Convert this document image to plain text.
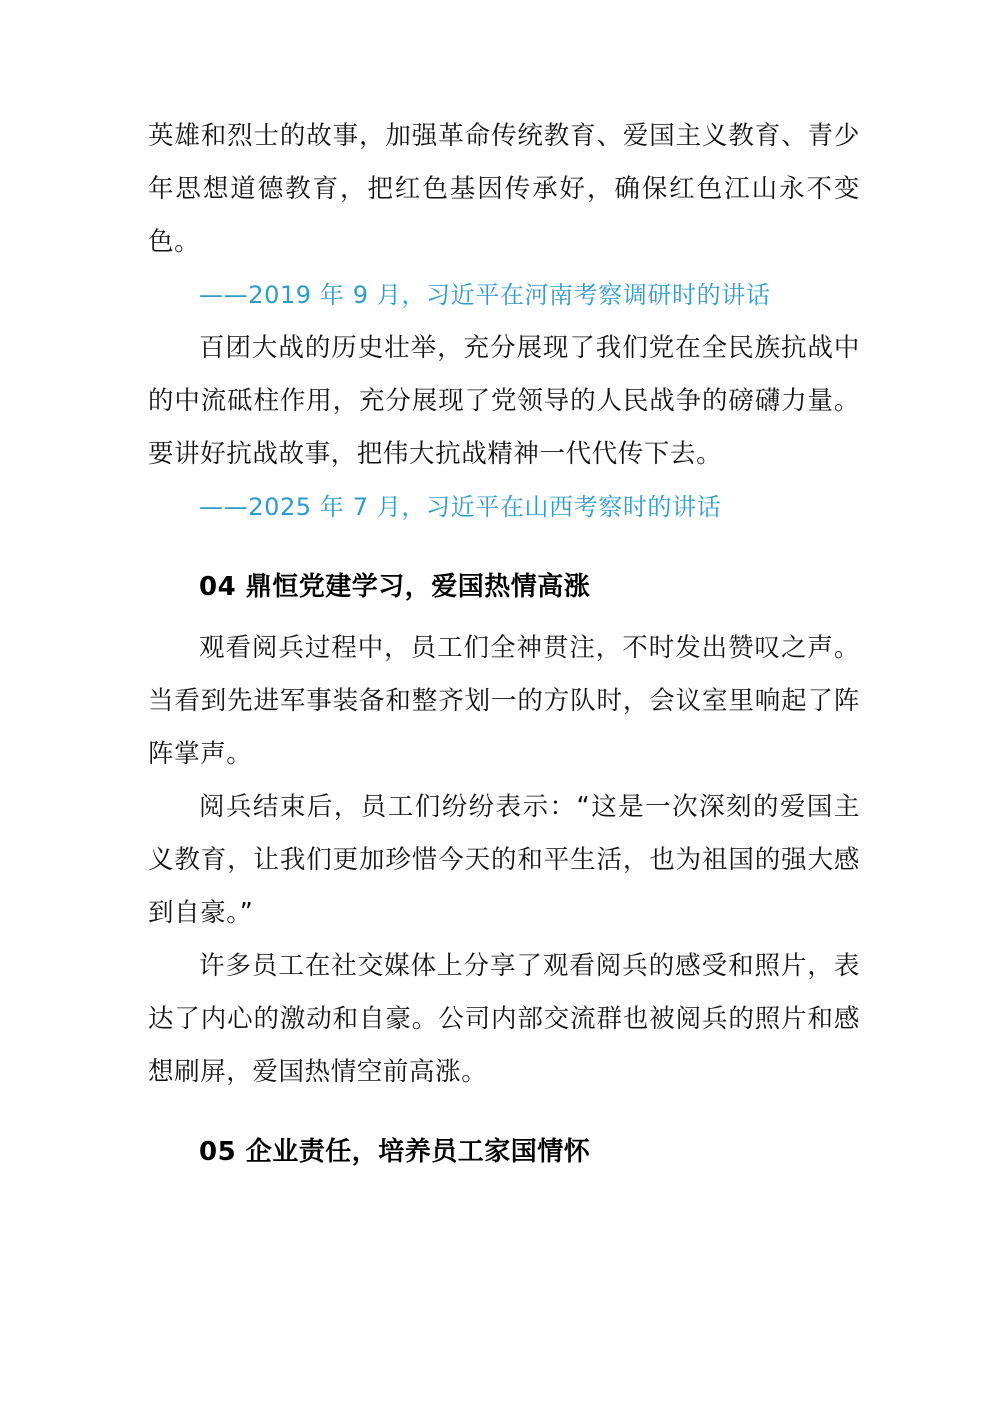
英雄和烈士的故事，加强革命传统教育、爱国主义教育、青少年思想道德教育，把红色基因传承好，确保红色江山永不变色。

——2019 年 9 月，习近平在河南考察调研时的讲话

百团大战的历史壮举，充分展现了我们党在全民族抗战中的中流砥柱作用，充分展现了党领导的人民战争的磅礴力量。要讲好抗战故事，把伟大抗战精神一代代传下去。

——2025 年 7 月，习近平在山西考察时的讲话

04 鼎恒党建学习，爱国热情高涨

观看阅兵过程中，员工们全神贯注，不时发出赞叹之声。当看到先进军事装备和整齐划一的方队时，会议室里响起了阵阵掌声。

阅兵结束后，员工们纷纷表示：“这是一次深刻的爱国主义教育，让我们更加珍惜今天的和平生活，也为祖国的强大感到自豪。”

许多员工在社交媒体上分享了观看阅兵的感受和照片，表达了内心的激动和自豪。公司内部交流群也被阅兵的照片和感想刷屏，爱国热情空前高涨。

05 企业责任，培养员工家国情怀
